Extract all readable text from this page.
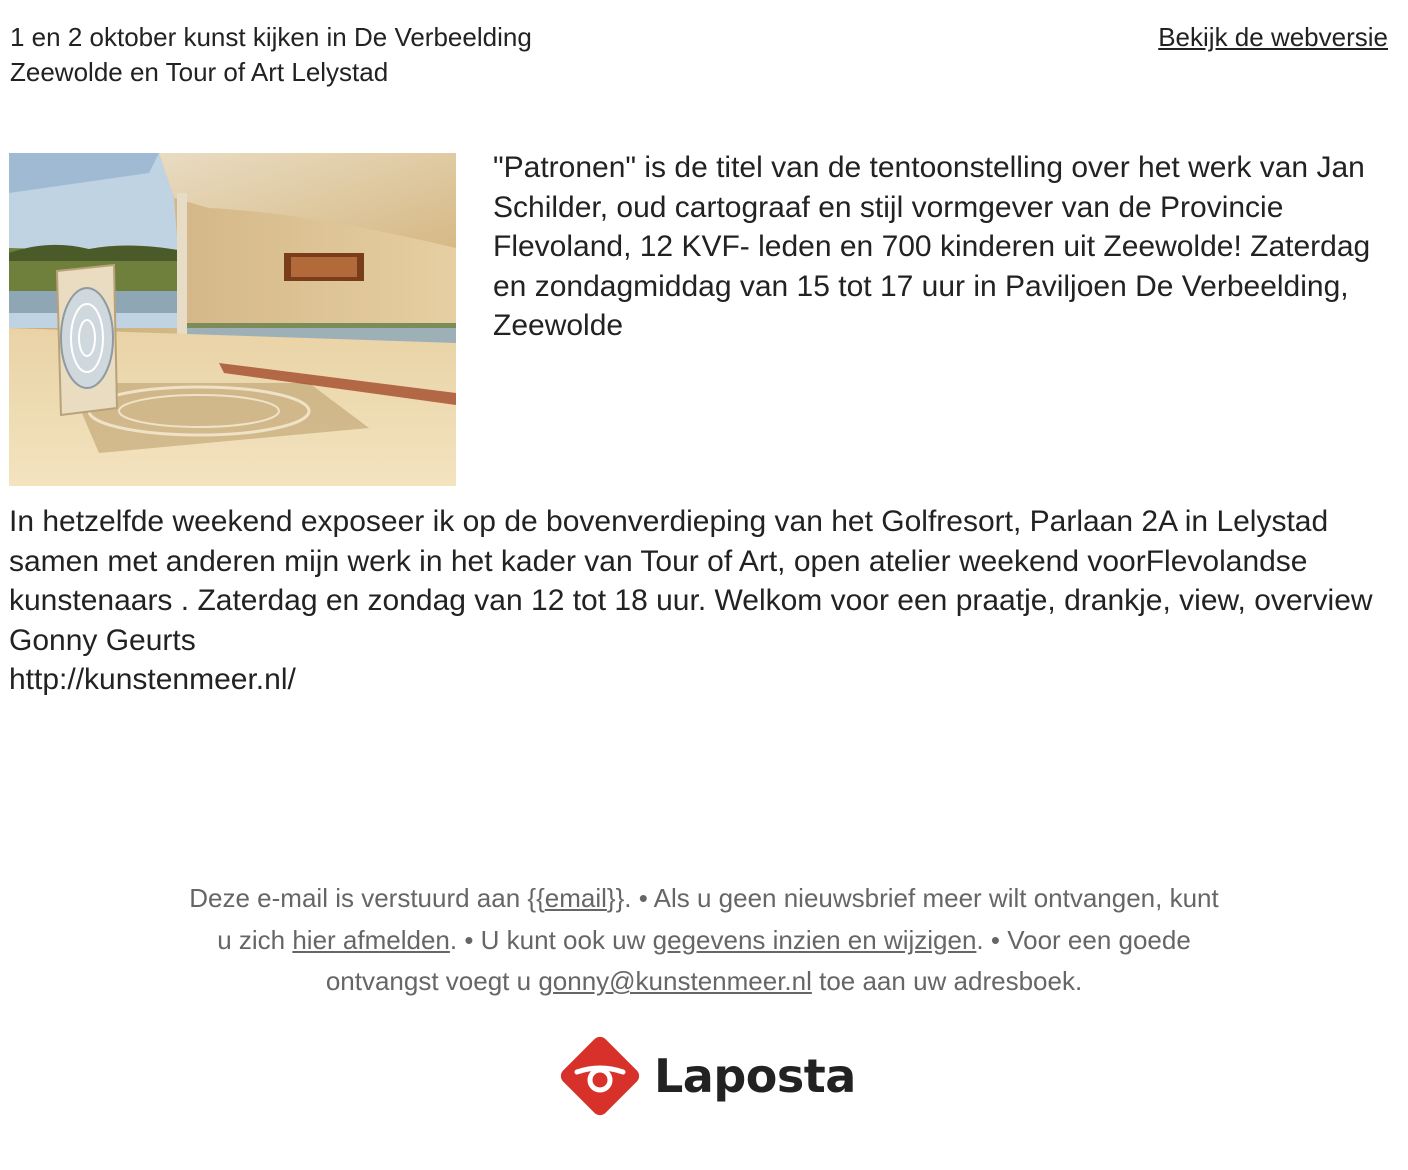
1 en 2 oktober kunst kijken in De Verbeelding
Zeewolde en Tour of Art Lelystad
Bekijk de webversie

"Patronen" is de titel van de tentoonstelling over het werk van Jan Schilder, oud cartograaf en stijl vormgever van de Provincie Flevoland, 12 KVF- leden en 700 kinderen uit Zeewolde! Zaterdag en zondagmiddag van 15 tot 17 uur in Paviljoen De Verbeelding, Zeewolde

In hetzelfde weekend exposeer ik op de bovenverdieping van het Golfresort, Parlaan 2A in Lelystad samen met anderen mijn werk in het kader van Tour of Art, open atelier weekend voorFlevolandse kunstenaars . Zaterdag en zondag van 12 tot 18 uur. Welkom voor een praatje, drankje, view, overview
Gonny Geurts
http://kunstenmeer.nl/
Deze e-mail is verstuurd aan {{email}}. • Als u geen nieuwsbrief meer wilt ontvangen, kunt
u zich hier afmelden. • U kunt ook uw gegevens inzien en wijzigen. • Voor een goede
ontvangst voegt u gonny@kunstenmeer.nl toe aan uw adresboek.
Laposta
